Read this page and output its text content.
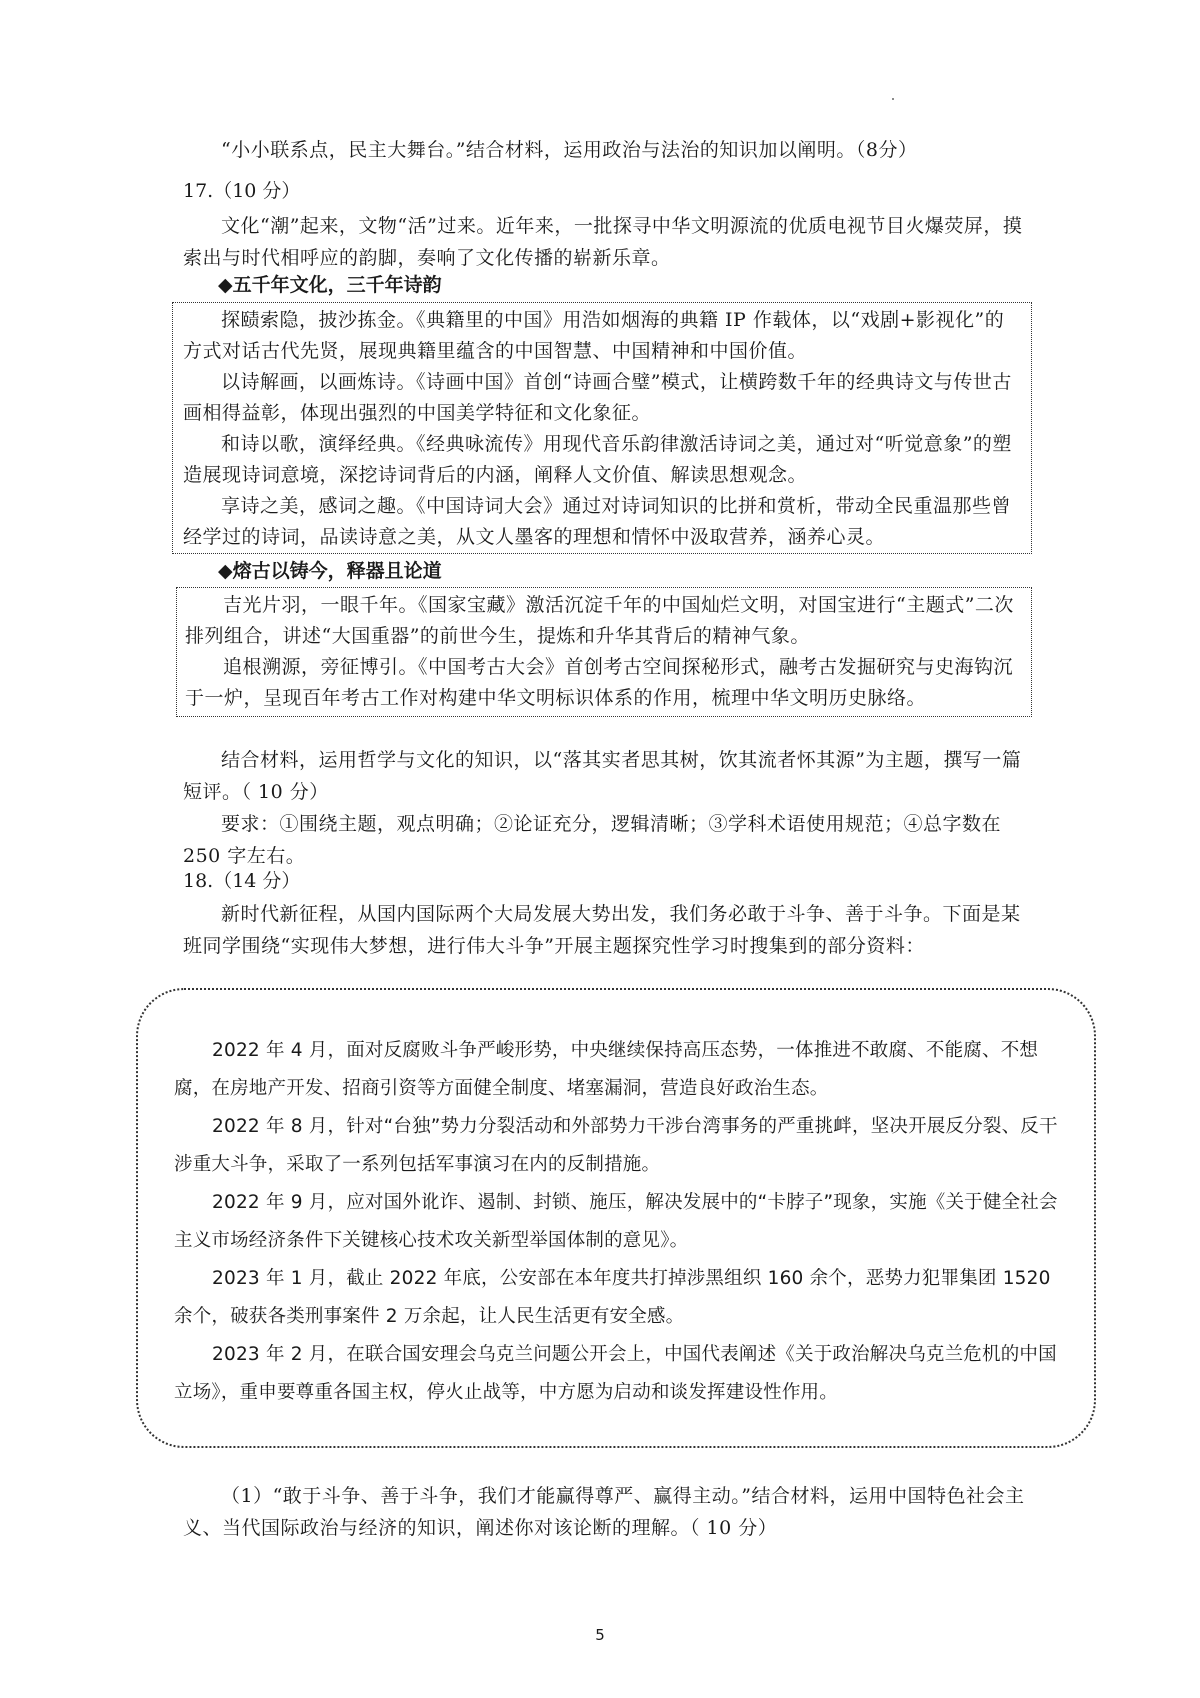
“小小联系点，民主大舞台。”结合材料，运用政治与法治的知识加以阐明。（8分）
17.（10 分）
文化“潮”起来，文物“活”过来。近年来，一批探寻中华文明源流的优质电视节目火爆荧屏，摸索出与时代相呼应的韵脚，奏响了文化传播的崭新乐章。
◆五千年文化，三千年诗韵

探赜索隐，披沙拣金。《典籍里的中国》用浩如烟海的典籍 IP 作载体，以“戏剧+影视化”的方式对话古代先贤，展现典籍里蕴含的中国智慧、中国精神和中国价值。

以诗解画，以画炼诗。《诗画中国》首创“诗画合璧”模式，让横跨数千年的经典诗文与传世古画相得益彰，体现出强烈的中国美学特征和文化象征。

和诗以歌，演绎经典。《经典咏流传》用现代音乐韵律激活诗词之美，通过对“听觉意象”的塑造展现诗词意境，深挖诗词背后的内涵，阐释人文价值、解读思想观念。

享诗之美，感词之趣。《中国诗词大会》通过对诗词知识的比拼和赏析，带动全民重温那些曾经学过的诗词，品读诗意之美，从文人墨客的理想和情怀中汲取营养，涵养心灵。

◆熔古以铸今，释器且论道

吉光片羽，一眼千年。《国家宝藏》激活沉淀千年的中国灿烂文明，对国宝进行“主题式”二次排列组合，讲述“大国重器”的前世今生，提炼和升华其背后的精神气象。

追根溯源，旁征博引。《中国考古大会》首创考古空间探秘形式，融考古发掘研究与史海钩沉于一炉，呈现百年考古工作对构建中华文明标识体系的作用，梳理中华文明历史脉络。

结合材料，运用哲学与文化的知识，以“落其实者思其树，饮其流者怀其源”为主题，撰写一篇短评。（ 10 分）
要求：①围绕主题，观点明确；②论证充分，逻辑清晰；③学科术语使用规范；④总字数在 250 字左右。
18.（14 分）
新时代新征程，从国内国际两个大局发展大势出发，我们务必敢于斗争、善于斗争。下面是某班同学围绕“实现伟大梦想，进行伟大斗争”开展主题探究性学习时搜集到的部分资料：

2022 年 4 月，面对反腐败斗争严峻形势，中央继续保持高压态势，一体推进不敢腐、不能腐、不想腐，在房地产开发、招商引资等方面健全制度、堵塞漏洞，营造良好政治生态。

2022 年 8 月，针对“台独”势力分裂活动和外部势力干涉台湾事务的严重挑衅，坚决开展反分裂、反干涉重大斗争，采取了一系列包括军事演习在内的反制措施。

2022 年 9 月，应对国外讹诈、遏制、封锁、施压，解决发展中的“卡脖子”现象，实施《关于健全社会主义市场经济条件下关键核心技术攻关新型举国体制的意见》。

2023 年 1 月，截止 2022 年底，公安部在本年度共打掉涉黑组织 160 余个，恶势力犯罪集团 1520 余个，破获各类刑事案件 2 万余起，让人民生活更有安全感。

2023 年 2 月，在联合国安理会乌克兰问题公开会上，中国代表阐述《关于政治解决乌克兰危机的中国立场》，重申要尊重各国主权，停火止战等，中方愿为启动和谈发挥建设性作用。

（1）“敢于斗争、善于斗争，我们才能赢得尊严、赢得主动。”结合材料，运用中国特色社会主义、当代国际政治与经济的知识，阐述你对该论断的理解。（ 10 分）
5
